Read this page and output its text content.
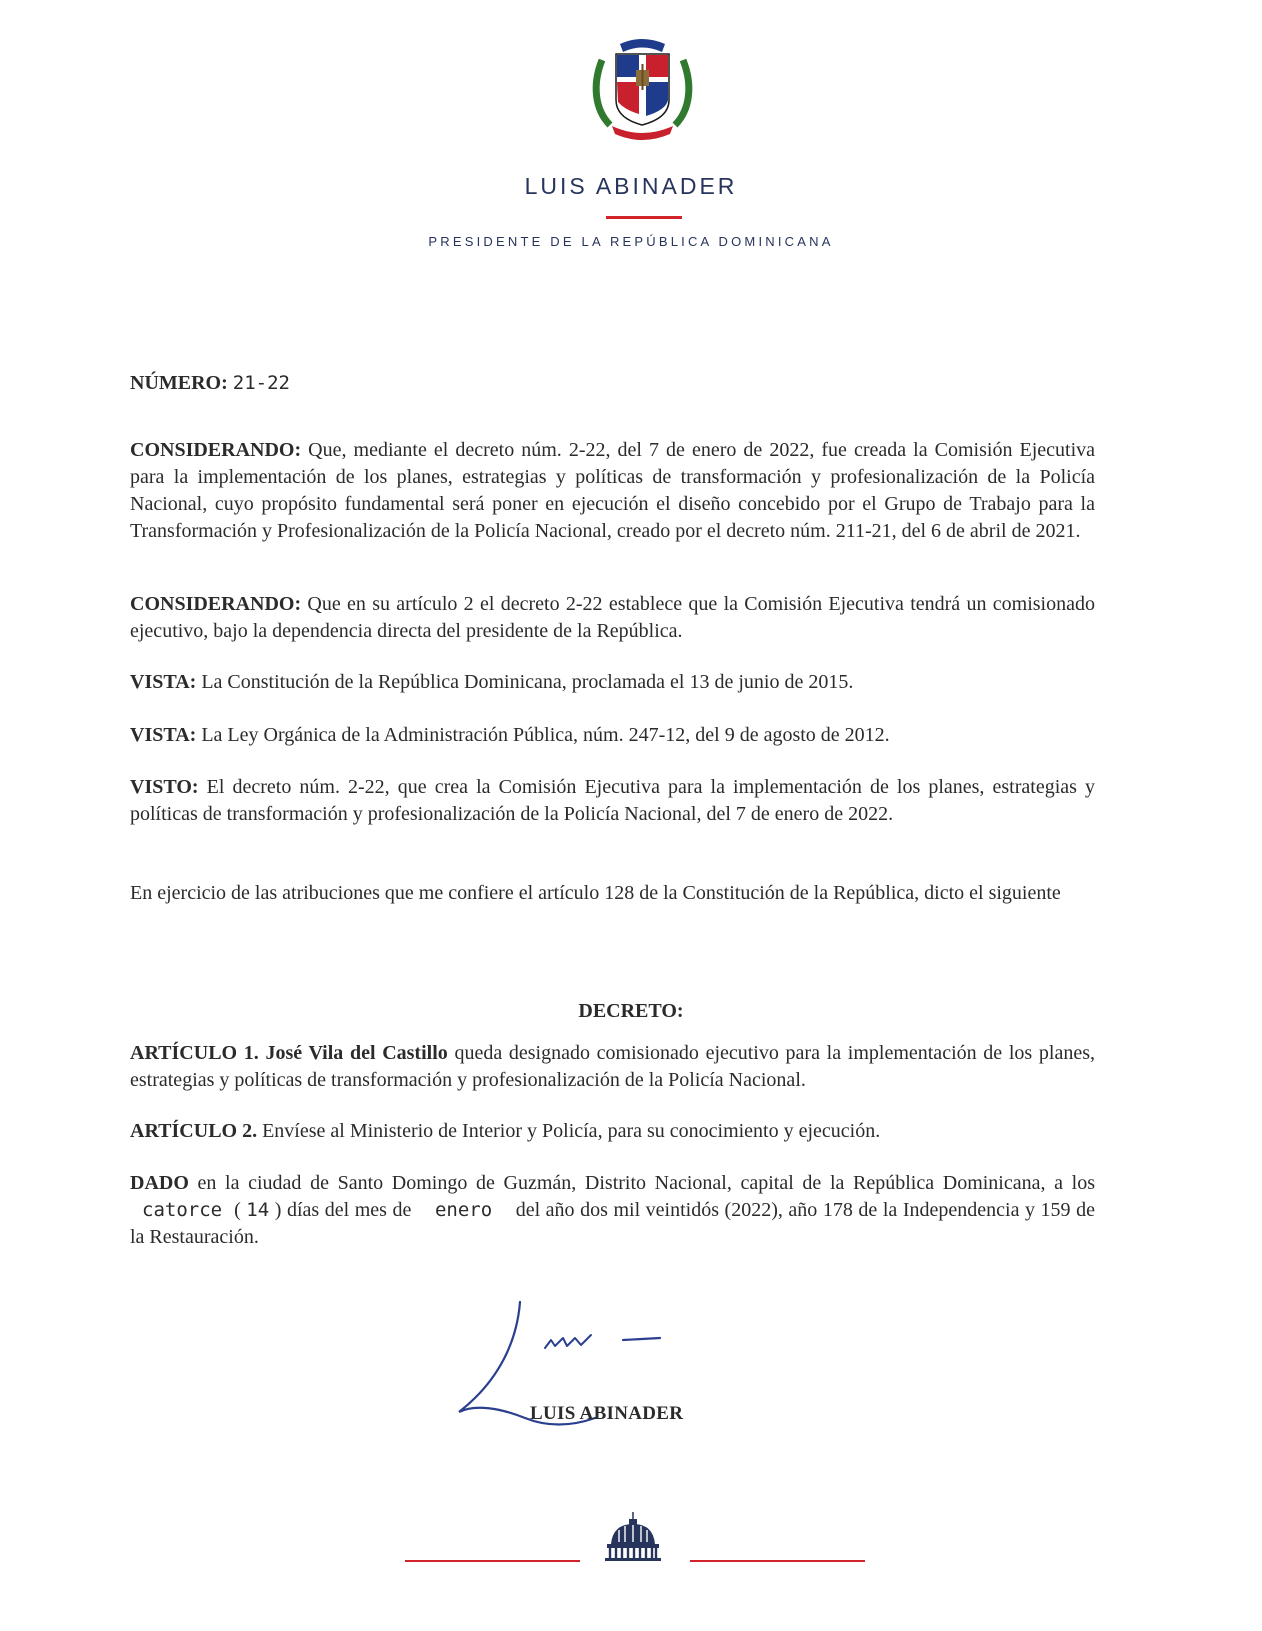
LUIS ABINADER
PRESIDENTE DE LA REPÚBLICA DOMINICANA
NÚMERO: 21-22
CONSIDERANDO: Que, mediante el decreto núm. 2-22, del 7 de enero de 2022, fue creada la Comisión Ejecutiva para la implementación de los planes, estrategias y políticas de transformación y profesionalización de la Policía Nacional, cuyo propósito fundamental será poner en ejecución el diseño concebido por el Grupo de Trabajo para la Transformación y Profesionalización de la Policía Nacional, creado por el decreto núm. 211-21, del 6 de abril de 2021.
CONSIDERANDO: Que en su artículo 2 el decreto 2-22 establece que la Comisión Ejecutiva tendrá un comisionado ejecutivo, bajo la dependencia directa del presidente de la República.
VISTA: La Constitución de la República Dominicana, proclamada el 13 de junio de 2015.
VISTA: La Ley Orgánica de la Administración Pública, núm. 247-12, del 9 de agosto de 2012.
VISTO: El decreto núm. 2-22, que crea la Comisión Ejecutiva para la implementación de los planes, estrategias y políticas de transformación y profesionalización de la Policía Nacional, del 7 de enero de 2022.
En ejercicio de las atribuciones que me confiere el artículo 128 de la Constitución de la República, dicto el siguiente
DECRETO:
ARTÍCULO 1. José Vila del Castillo queda designado comisionado ejecutivo para la implementación de los planes, estrategias y políticas de transformación y profesionalización de la Policía Nacional.
ARTÍCULO 2. Envíese al Ministerio de Interior y Policía, para su conocimiento y ejecución.
DADO en la ciudad de Santo Domingo de Guzmán, Distrito Nacional, capital de la República Dominicana, a los catorce ( 14 ) días del mes de enero del año dos mil veintidós (2022), año 178 de la Independencia y 159 de la Restauración.
LUIS ABINADER
